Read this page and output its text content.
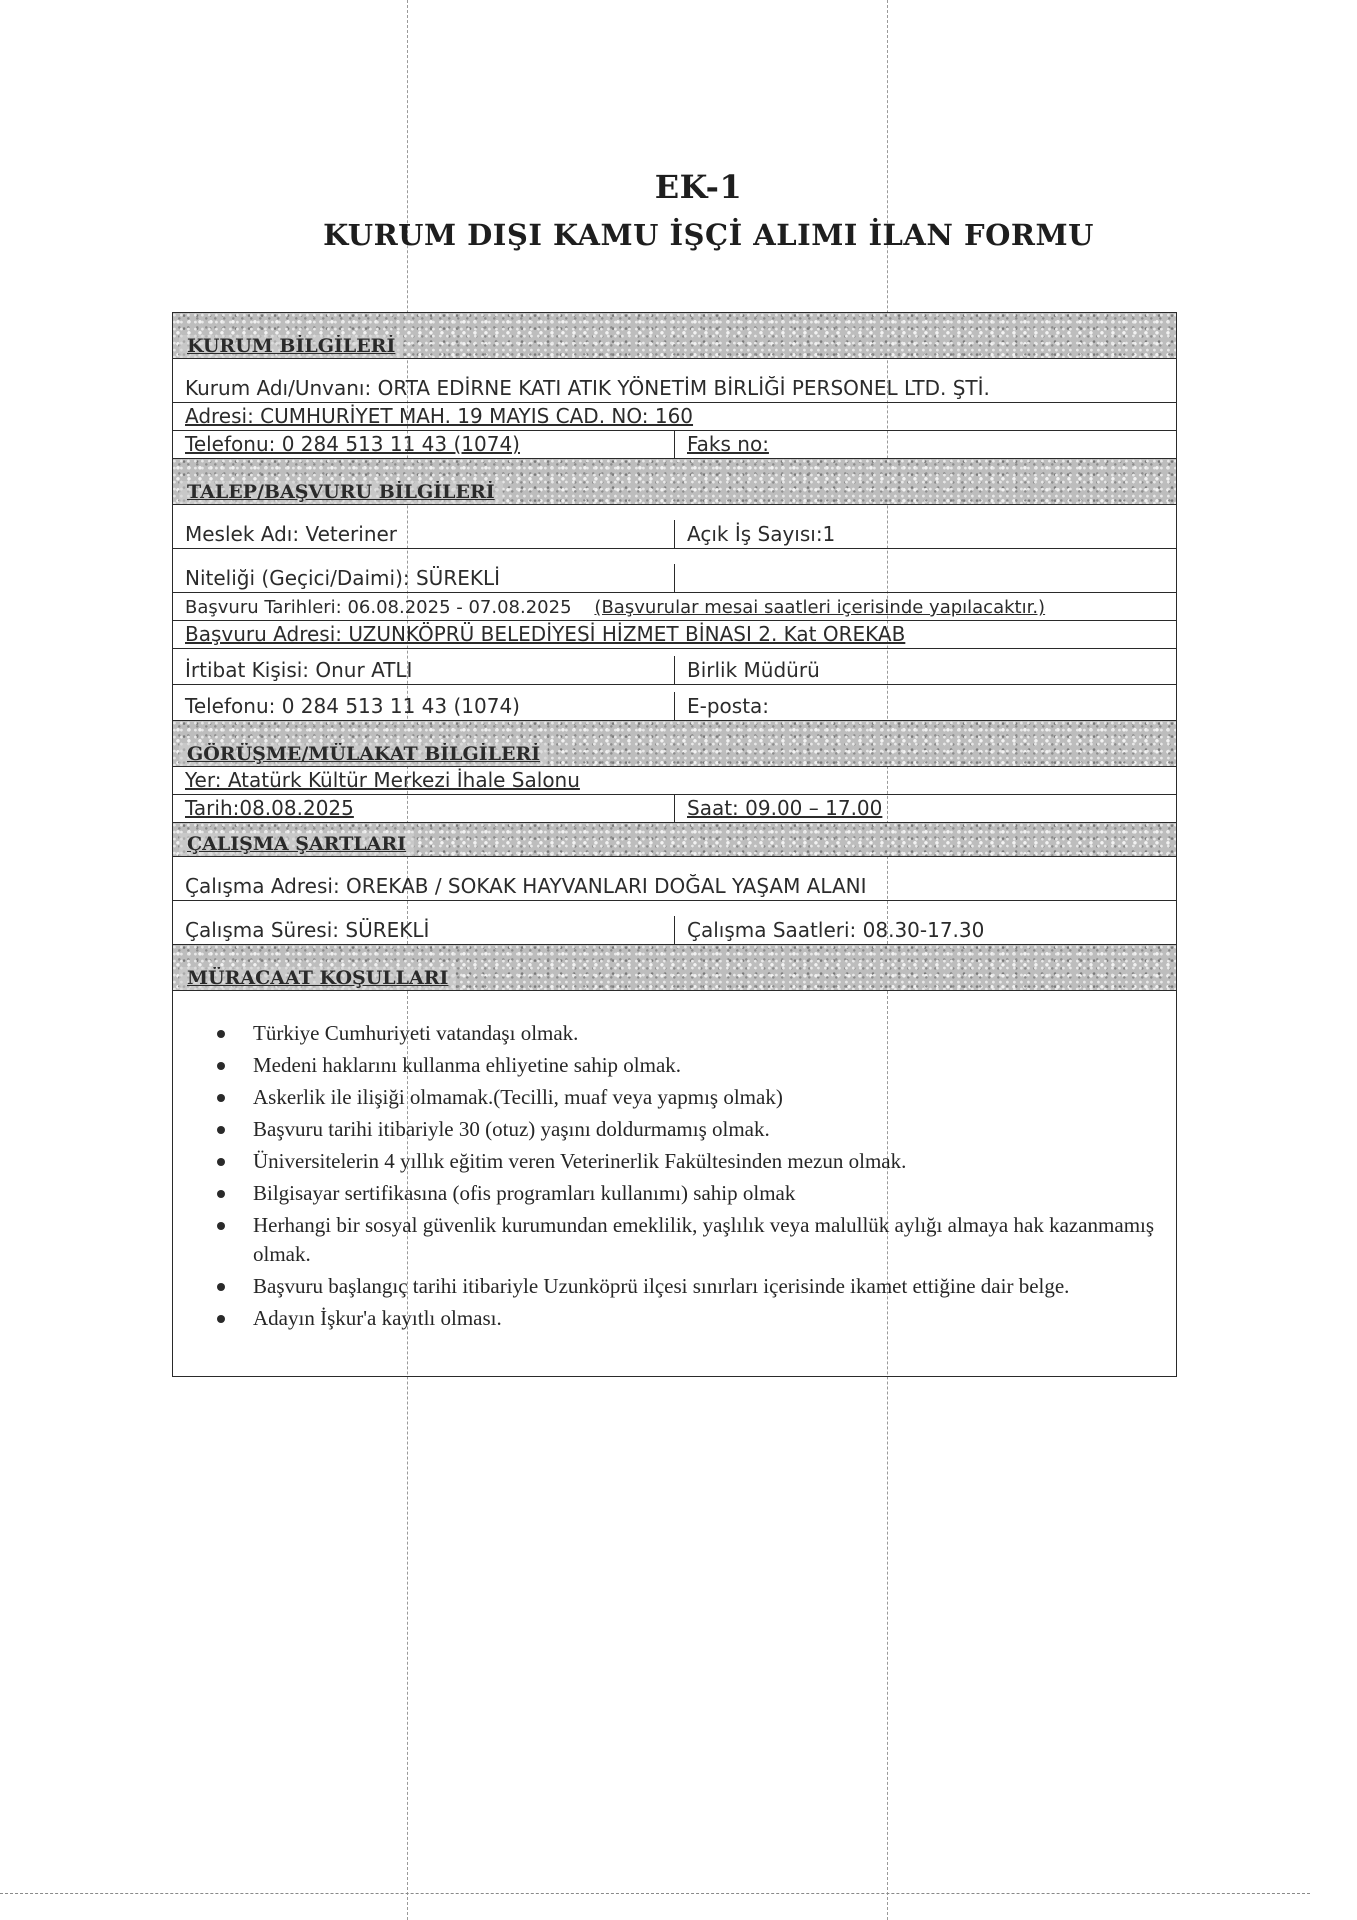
EK-1
KURUM DIŞI KAMU İŞÇİ ALIMI İLAN FORMU
KURUM BİLGİLERİ
Kurum Adı/Unvanı: ORTA EDİRNE KATI ATIK YÖNETİM BİRLİĞİ PERSONEL LTD. ŞTİ.
Adresi: CUMHURİYET MAH. 19 MAYIS CAD. NO: 160
Telefonu: 0 284 513 11 43 (1074)	Faks no:
TALEP/BAŞVURU BİLGİLERİ
Meslek Adı: Veteriner	Açık İş Sayısı:1
Niteliği (Geçici/Daimi): SÜREKLİ
Başvuru Tarihleri: 06.08.2025 - 07.08.2025 (Başvurular mesai saatleri içerisinde yapılacaktır.)
Başvuru Adresi: UZUNKÖPRÜ BELEDİYESİ HİZMET BİNASI 2. Kat OREKAB
İrtibat Kişisi: Onur ATLI	Birlik Müdürü
Telefonu: 0 284 513 11 43 (1074)	E-posta:
GÖRÜŞME/MÜLAKAT BİLGİLERİ
Yer: Atatürk Kültür Merkezi İhale Salonu
Tarih:08.08.2025	Saat: 09.00 – 17.00
ÇALIŞMA ŞARTLARI
Çalışma Adresi: OREKAB / SOKAK HAYVANLARI DOĞAL YAŞAM ALANI
Çalışma Süresi: SÜREKLİ	Çalışma Saatleri: 08.30-17.30
MÜRACAAT KOŞULLARI
Türkiye Cumhuriyeti vatandaşı olmak.
Medeni haklarını kullanma ehliyetine sahip olmak.
Askerlik ile ilişiği olmamak.(Tecilli, muaf veya yapmış olmak)
Başvuru tarihi itibariyle 30 (otuz) yaşını doldurmamış olmak.
Üniversitelerin 4 yıllık eğitim veren Veterinerlik Fakültesinden mezun olmak.
Bilgisayar sertifikasına (ofis programları kullanımı) sahip olmak
Herhangi bir sosyal güvenlik kurumundan emeklilik, yaşlılık veya malullük aylığı almaya hak kazanmamış olmak.
Başvuru başlangıç tarihi itibariyle Uzunköprü ilçesi sınırları içerisinde ikamet ettiğine dair belge.
Adayın İşkur'a kayıtlı olması.
